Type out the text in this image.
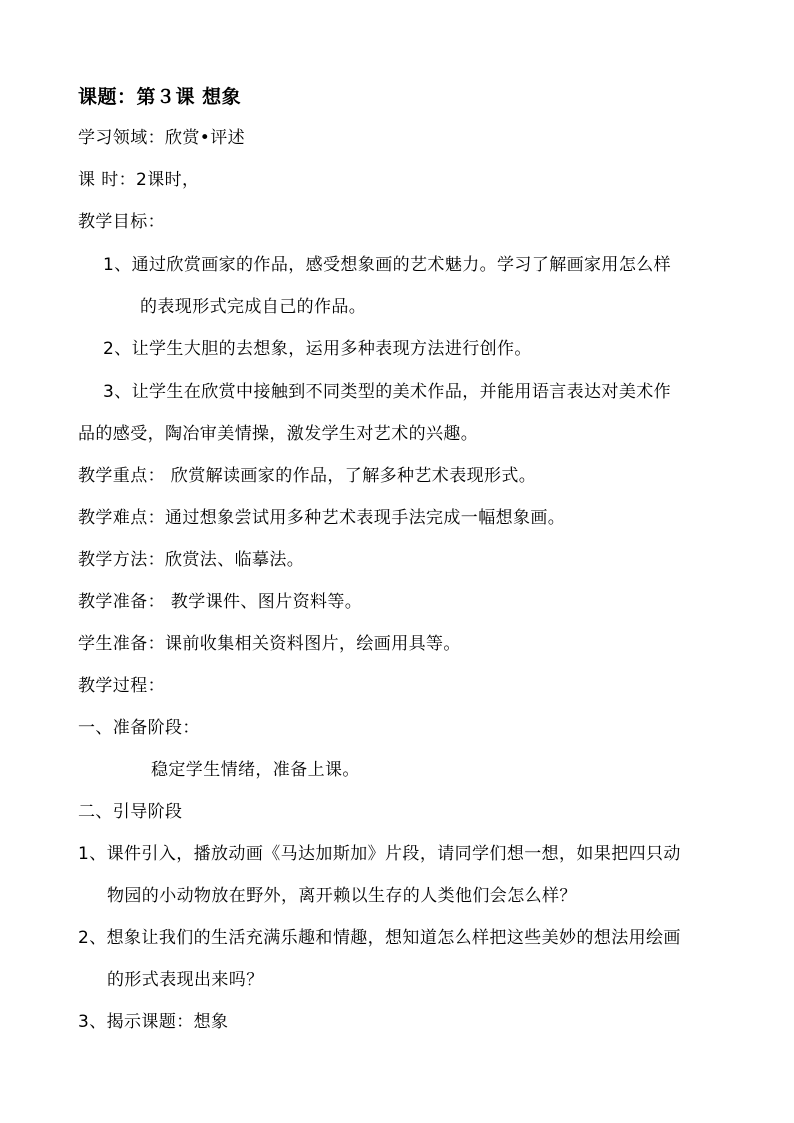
课题：第３课 想象
学习领域：欣赏•评述
课 时：2课时，
教学目标：
1、通过欣赏画家的作品，感受想象画的艺术魅力。学习了解画家用怎么样
的表现形式完成自己的作品。
2、让学生大胆的去想象，运用多种表现方法进行创作。
3、让学生在欣赏中接触到不同类型的美术作品，并能用语言表达对美术作
品的感受，陶冶审美情操，激发学生对艺术的兴趣。
教学重点： 欣赏解读画家的作品，了解多种艺术表现形式。
教学难点：通过想象尝试用多种艺术表现手法完成一幅想象画。
教学方法：欣赏法、临摹法。
教学准备： 教学课件、图片资料等。
学生准备：课前收集相关资料图片，绘画用具等。
教学过程：
一、准备阶段：
稳定学生情绪，准备上课。
二、引导阶段
1、课件引入，播放动画《马达加斯加》片段，请同学们想一想，如果把四只动
物园的小动物放在野外，离开赖以生存的人类他们会怎么样？
2、想象让我们的生活充满乐趣和情趣，想知道怎么样把这些美妙的想法用绘画
的形式表现出来吗？
3、揭示课题：想象
